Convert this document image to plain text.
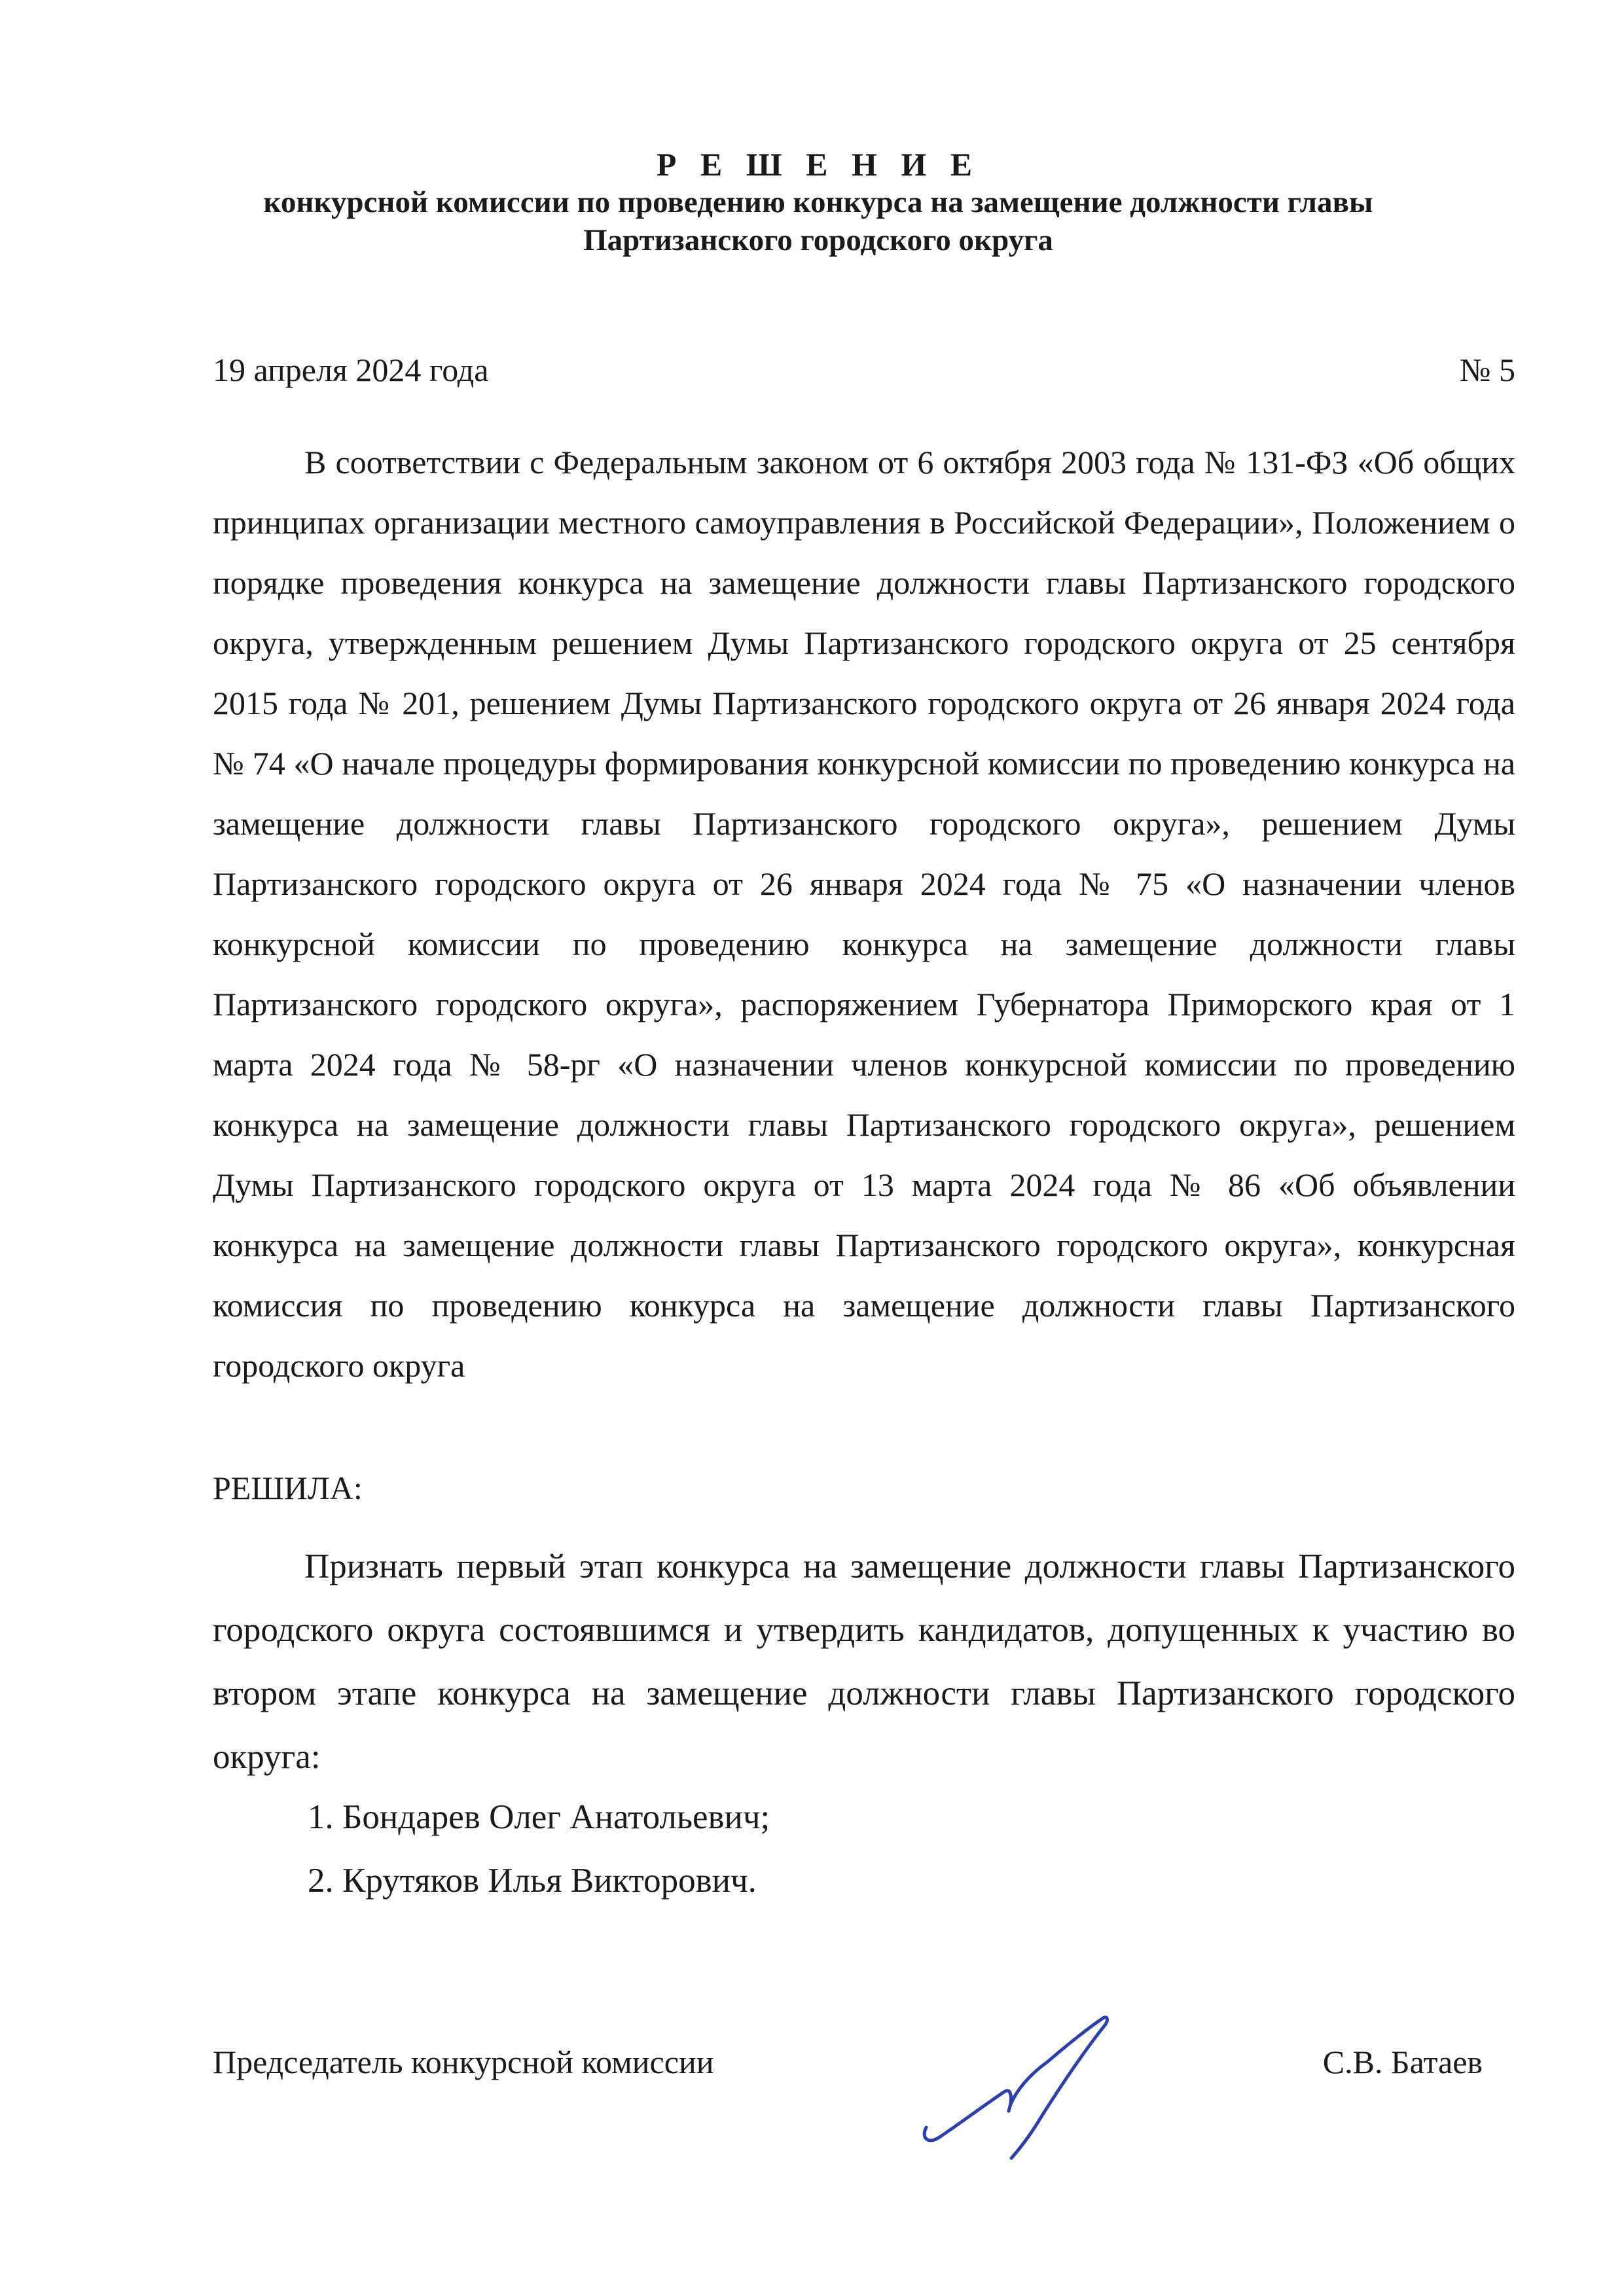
Р Е Ш Е Н И Е
конкурсной комиссии по проведению конкурса на замещение должности главы
Партизанского городского округа
19 апреля 2024 года	№ 5

В соответствии с Федеральным законом от 6 октября 2003 года № 131-ФЗ «Об общих принципах организации местного самоуправления в Российской Федерации», Положением о порядке проведения конкурса на замещение должности главы Партизанского городского округа, утвержденным решением Думы Партизанского городского округа от 25 сентября 2015 года № 201, решением Думы Партизанского городского округа от 26 января 2024 года № 74 «О начале процедуры формирования конкурсной комиссии по проведению конкурса на замещение должности главы Партизанского городского округа», решением Думы Партизанского городского округа от 26 января 2024 года № 75 «О назначении членов конкурсной комиссии по проведению конкурса на замещение должности главы Партизанского городского округа», распоряжением Губернатора Приморского края от 1 марта 2024 года № 58-рг «О назначении членов конкурсной комиссии по проведению конкурса на замещение должности главы Партизанского городского округа», решением Думы Партизанского городского округа от 13 марта 2024 года № 86 «Об объявлении конкурса на замещение должности главы Партизанского городского округа», конкурсная комиссия по проведению конкурса на замещение должности главы Партизанского городского округа

РЕШИЛА:

Признать первый этап конкурса на замещение должности главы Партизанского городского округа состоявшимся и утвердить кандидатов, допущенных к участию во втором этапе конкурса на замещение должности главы Партизанского городского округа:

1. Бондарев Олег Анатольевич;
2. Крутяков Илья Викторович.
Председатель конкурсной комиссии	С.В. Батаев
